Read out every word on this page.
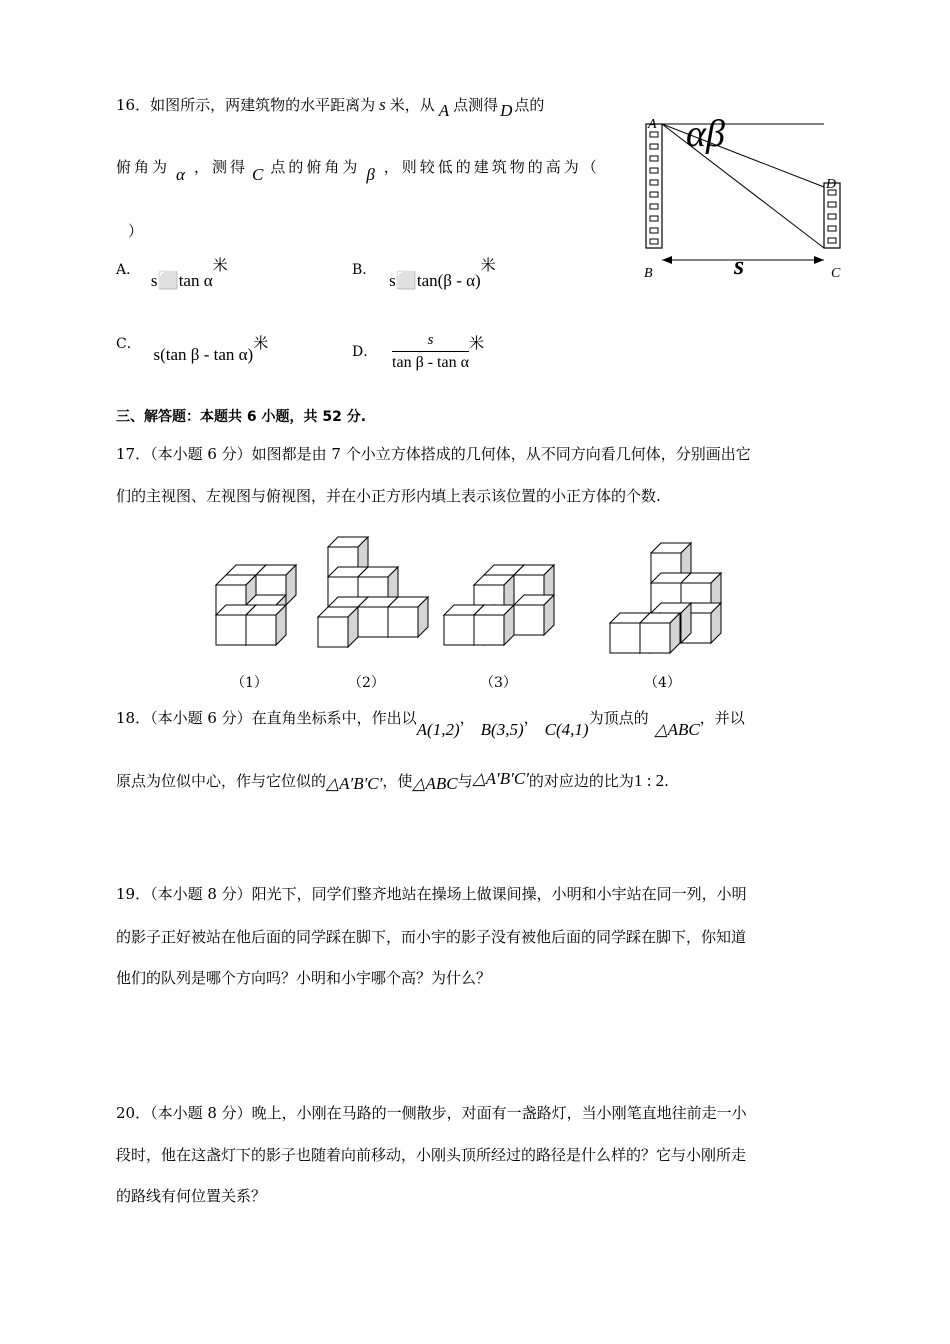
16．如图所示，两建筑物的水平距离为 s 米，从 A 点测得 D 点的
俯角为 α ，测得 C 点的俯角为 β ，则较低的建筑物的高为（
）
A． s⬜tan α米	B． s⬜tan(β - α)米
C． s(tan β - tan α)米	D． $\frac{s}{\text{tan β - tan α}}$ 米
A αβ
D
B	C
s
三、解答题：本题共 6 小题，共 52 分.
17．（本小题 6 分）如图都是由 7 个小立方体搭成的几何体，从不同方向看几何体，分别画出它
们的主视图、左视图与俯视图，并在小正方形内填上表示该位置的小正方体的个数.
（1）	（2）	（3）	（4）
18．（本小题 6 分）在直角坐标系中，作出以A(1,2)，B(3,5)，C(4,1)为顶点的△ABC，并以
原点为位似中心，作与它位似的△A′B′C′，使△ABC与△A′B′C′的对应边的比为1 : 2.
19．（本小题 8 分）阳光下，同学们整齐地站在操场上做课间操，小明和小宇站在同一列，小明
的影子正好被站在他后面的同学踩在脚下，而小宇的影子没有被他后面的同学踩在脚下，你知道
他们的队列是哪个方向吗？小明和小宇哪个高？为什么？
20．（本小题 8 分）晚上，小刚在马路的一侧散步，对面有一盏路灯，当小刚笔直地往前走一小
段时，他在这盏灯下的影子也随着向前移动，小刚头顶所经过的路径是什么样的？它与小刚所走
的路线有何位置关系？
